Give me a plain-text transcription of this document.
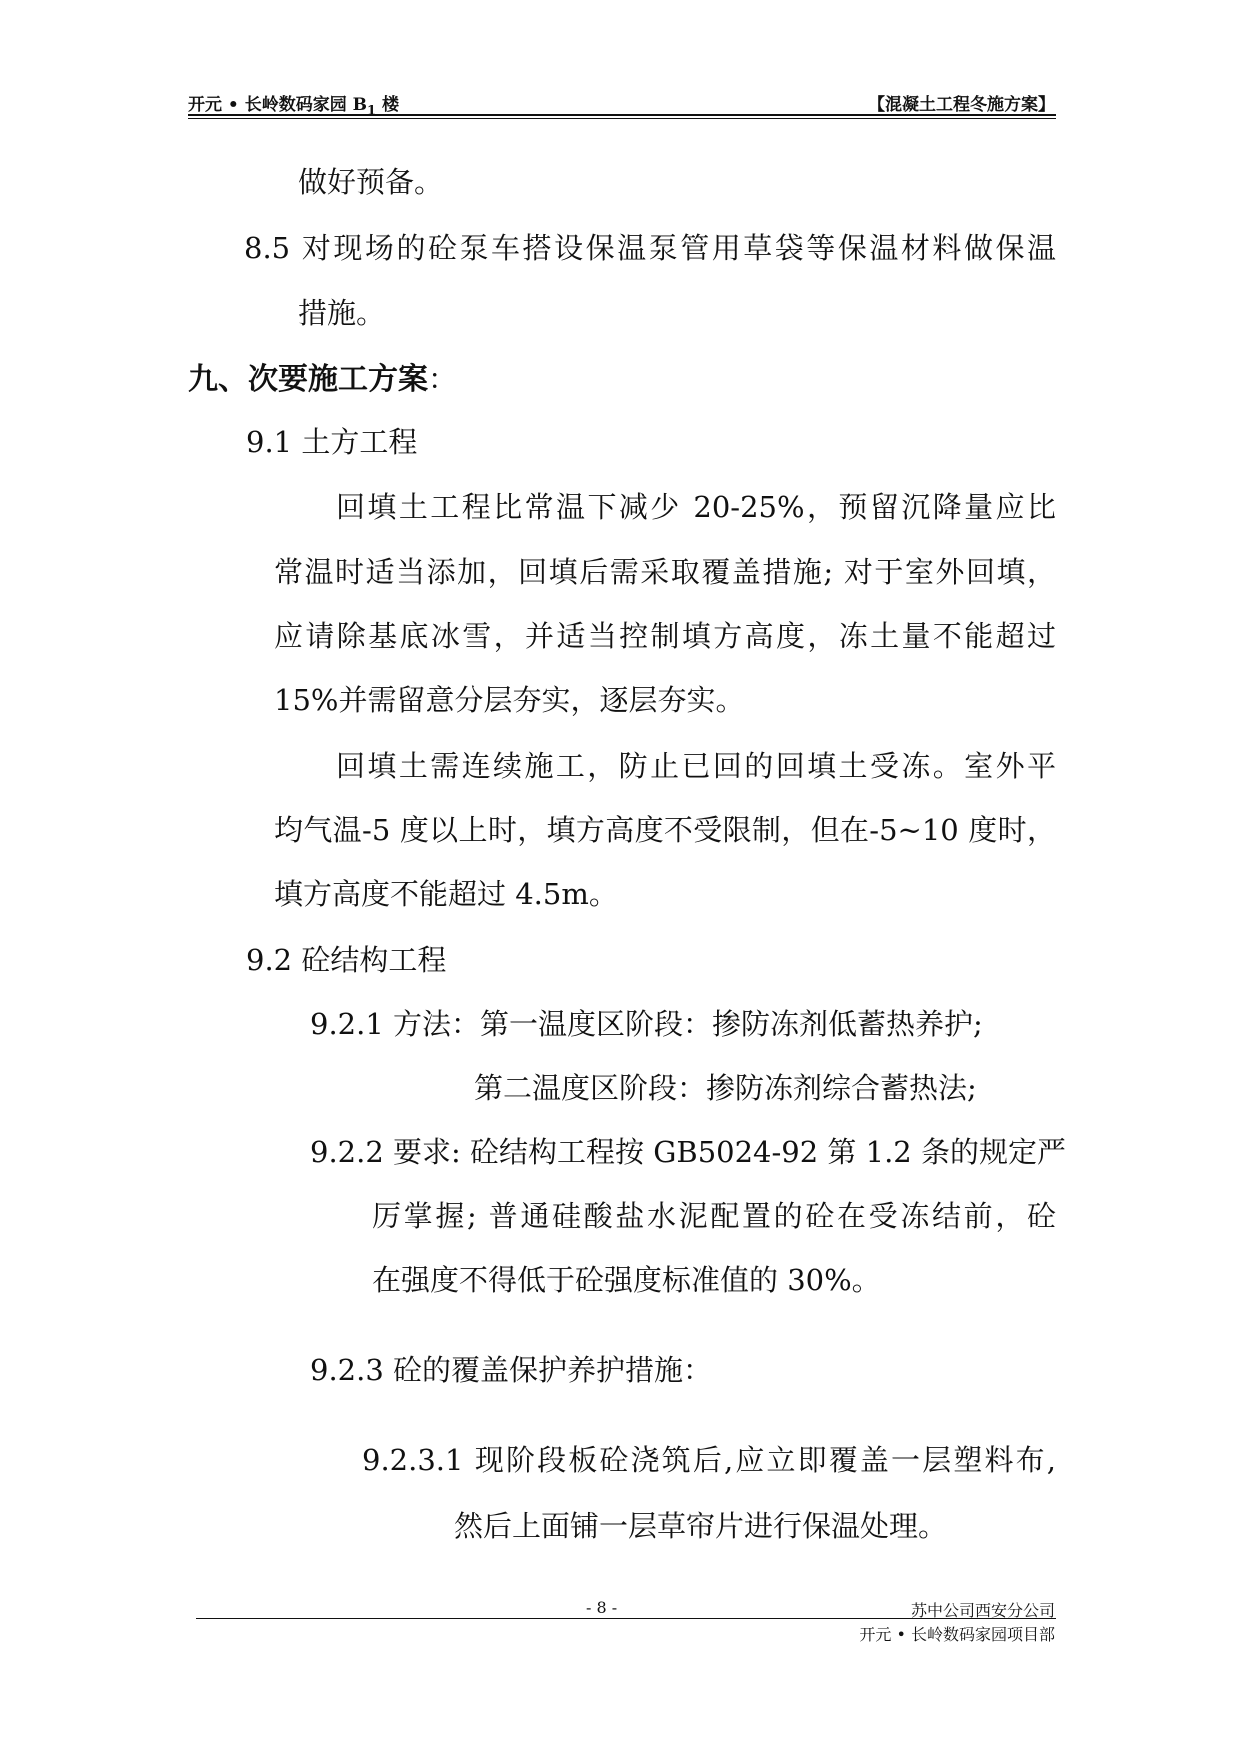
开元 • 长岭数码家园 $B_1$ 楼	【混凝土工程冬施方案】
做好预备。
8.5 对现场的砼泵车搭设保温泵管用草袋等保温材料做保温
措施。
九、次要施工方案：
9.1 土方工程
回填土工程比常温下减少 20-25%，预留沉降量应比
常温时适当添加，回填后需采取覆盖措施; 对于室外回填，
应请除基底冰雪，并适当控制填方高度，冻土量不能超过
15%并需留意分层夯实，逐层夯实。
回填土需连续施工，防止已回的回填土受冻。室外平
均气温-5 度以上时，填方高度不受限制，但在-5~10 度时，
填方高度不能超过 4.5m。
9.2 砼结构工程
9.2.1 方法：第一温度区阶段：掺防冻剂低蓄热养护;
第二温度区阶段：掺防冻剂综合蓄热法;
9.2.2 要求: 砼结构工程按 GB5024-92 第 1.2 条的规定严
厉掌握; 普通硅酸盐水泥配置的砼在受冻结前，砼
在强度不得低于砼强度标准值的 30%。
9.2.3 砼的覆盖保护养护措施：
9.2.3.1 现阶段板砼浇筑后,应立即覆盖一层塑料布,
然后上面铺一层草帘片进行保温处理。
- 8 -	苏中公司西安分公司
开元 • 长岭数码家园项目部
